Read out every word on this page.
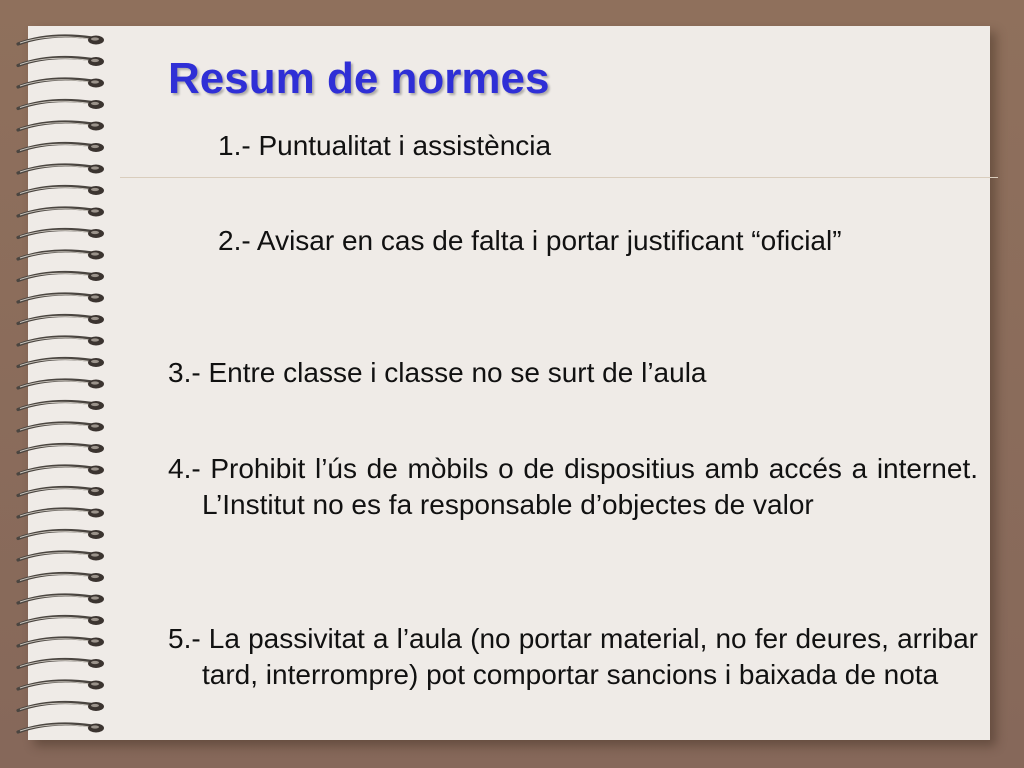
Resum de normes

1.- Puntualitat i assistència

2.- Avisar en cas de falta i portar justificant “oficial”

3.- Entre classe i classe no se surt de l’aula

4.- Prohibit l’ús de mòbils o de dispositius amb accés a internet. L’Institut no es fa responsable d’objectes de valor

5.- La passivitat a l’aula (no portar material, no fer deures, arribar tard, interrompre) pot comportar sancions i baixada de nota
